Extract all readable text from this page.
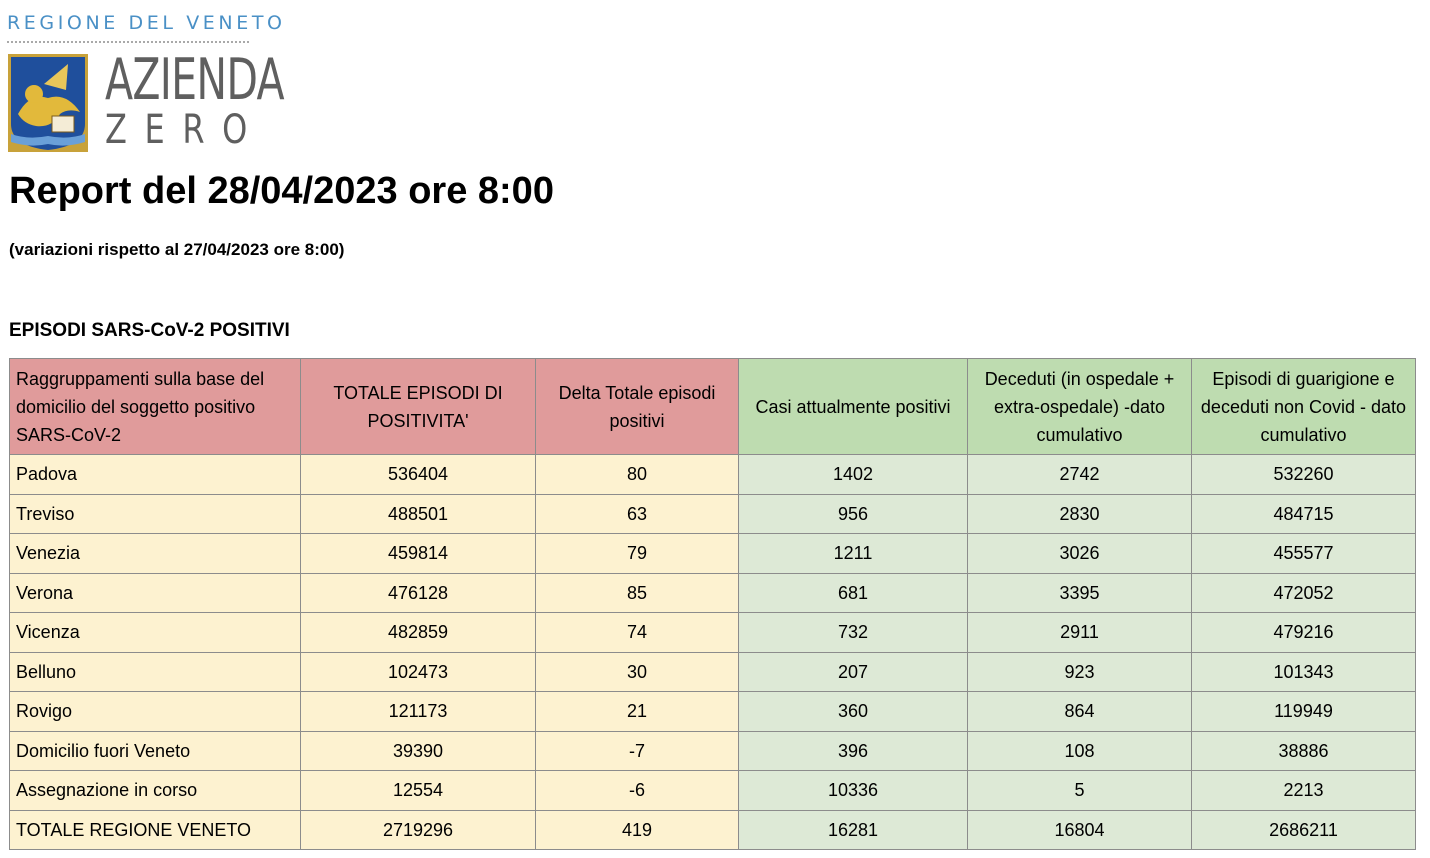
REGIONE DEL VENETO
AZIENDA
ZERO
Report del 28/04/2023 ore 8:00
(variazioni rispetto al 27/04/2023 ore 8:00)
EPISODI SARS-CoV-2 POSITIVI
Raggruppamenti sulla base del domicilio del soggetto positivo SARS-CoV-2	TOTALE EPISODI DI POSITIVITA'	Delta Totale episodi positivi	Casi attualmente positivi	Deceduti (in ospedale + extra-ospedale) -dato cumulativo	Episodi di guarigione e deceduti non Covid - dato cumulativo
Padova	536404	80	1402	2742	532260
Treviso	488501	63	956	2830	484715
Venezia	459814	79	1211	3026	455577
Verona	476128	85	681	3395	472052
Vicenza	482859	74	732	2911	479216
Belluno	102473	30	207	923	101343
Rovigo	121173	21	360	864	119949
Domicilio fuori Veneto	39390	-7	396	108	38886
Assegnazione in corso	12554	-6	10336	5	2213
TOTALE REGIONE VENETO	2719296	419	16281	16804	2686211
